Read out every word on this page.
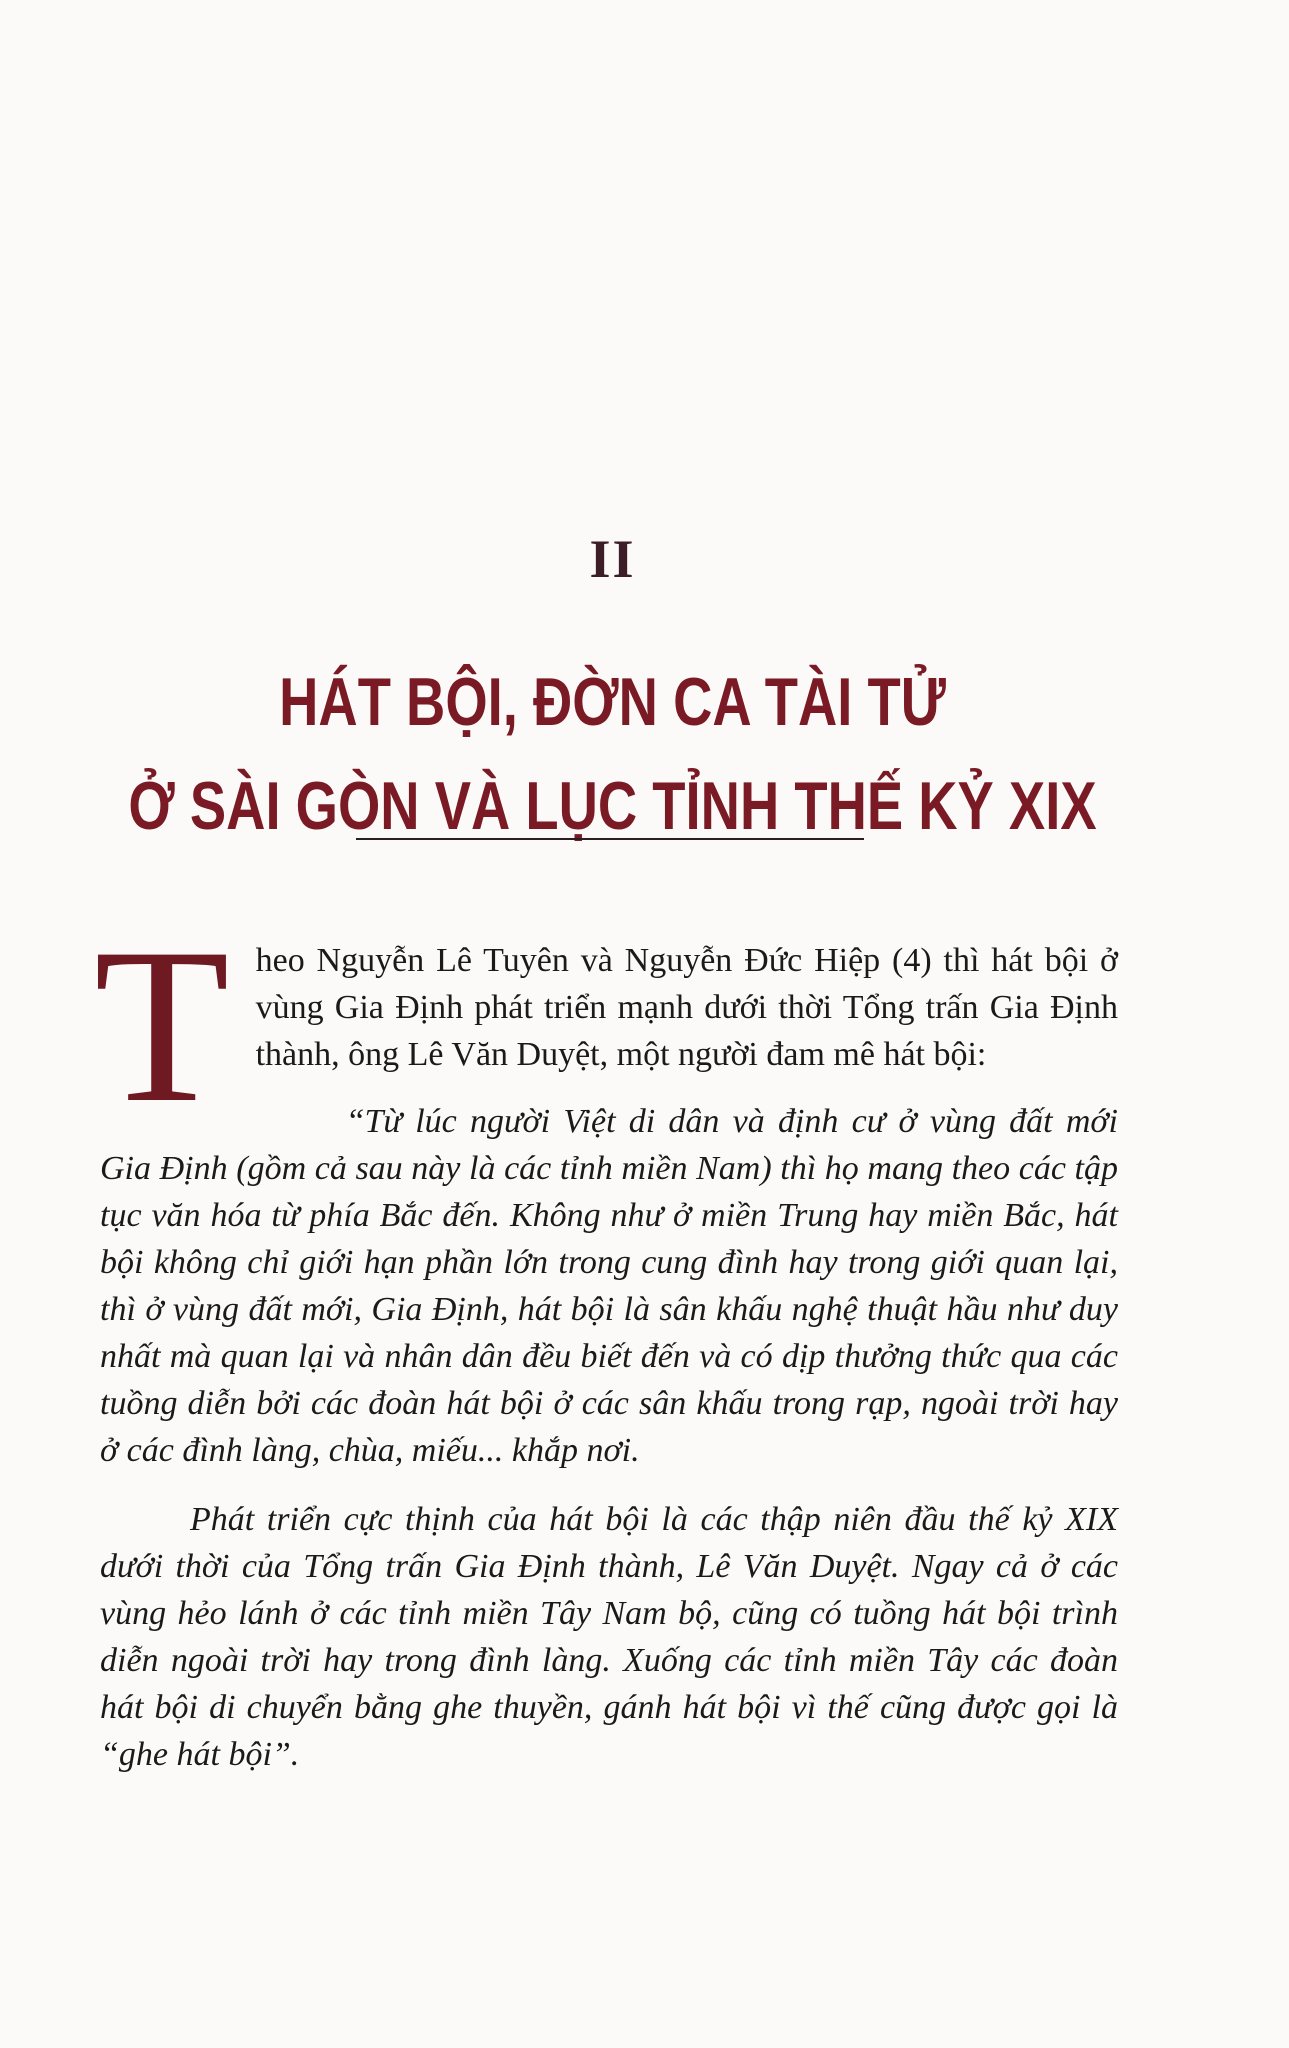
II
HÁT BỘI, ĐỜN CA TÀI TỬ
Ở SÀI GÒN VÀ LỤC TỈNH THẾ KỶ XIX

Theo Nguyễn Lê Tuyên và Nguyễn Đức Hiệp (4) thì hát bội ở vùng Gia Định phát triển mạnh dưới thời Tổng trấn Gia Định thành, ông Lê Văn Duyệt, một người đam mê hát bội:

“Từ lúc người Việt di dân và định cư ở vùng đất mới Gia Định (gồm cả sau này là các tỉnh miền Nam) thì họ mang theo các tập tục văn hóa từ phía Bắc đến. Không như ở miền Trung hay miền Bắc, hát bội không chỉ giới hạn phần lớn trong cung đình hay trong giới quan lại, thì ở vùng đất mới, Gia Định, hát bội là sân khấu nghệ thuật hầu như duy nhất mà quan lại và nhân dân đều biết đến và có dịp thưởng thức qua các tuồng diễn bởi các đoàn hát bội ở các sân khấu trong rạp, ngoài trời hay ở các đình làng, chùa, miếu... khắp nơi.

Phát triển cực thịnh của hát bội là các thập niên đầu thế kỷ XIX dưới thời của Tổng trấn Gia Định thành, Lê Văn Duyệt. Ngay cả ở các vùng hẻo lánh ở các tỉnh miền Tây Nam bộ, cũng có tuồng hát bội trình diễn ngoài trời hay trong đình làng. Xuống các tỉnh miền Tây các đoàn hát bội di chuyển bằng ghe thuyền, gánh hát bội vì thế cũng được gọi là “ghe hát bội”.
